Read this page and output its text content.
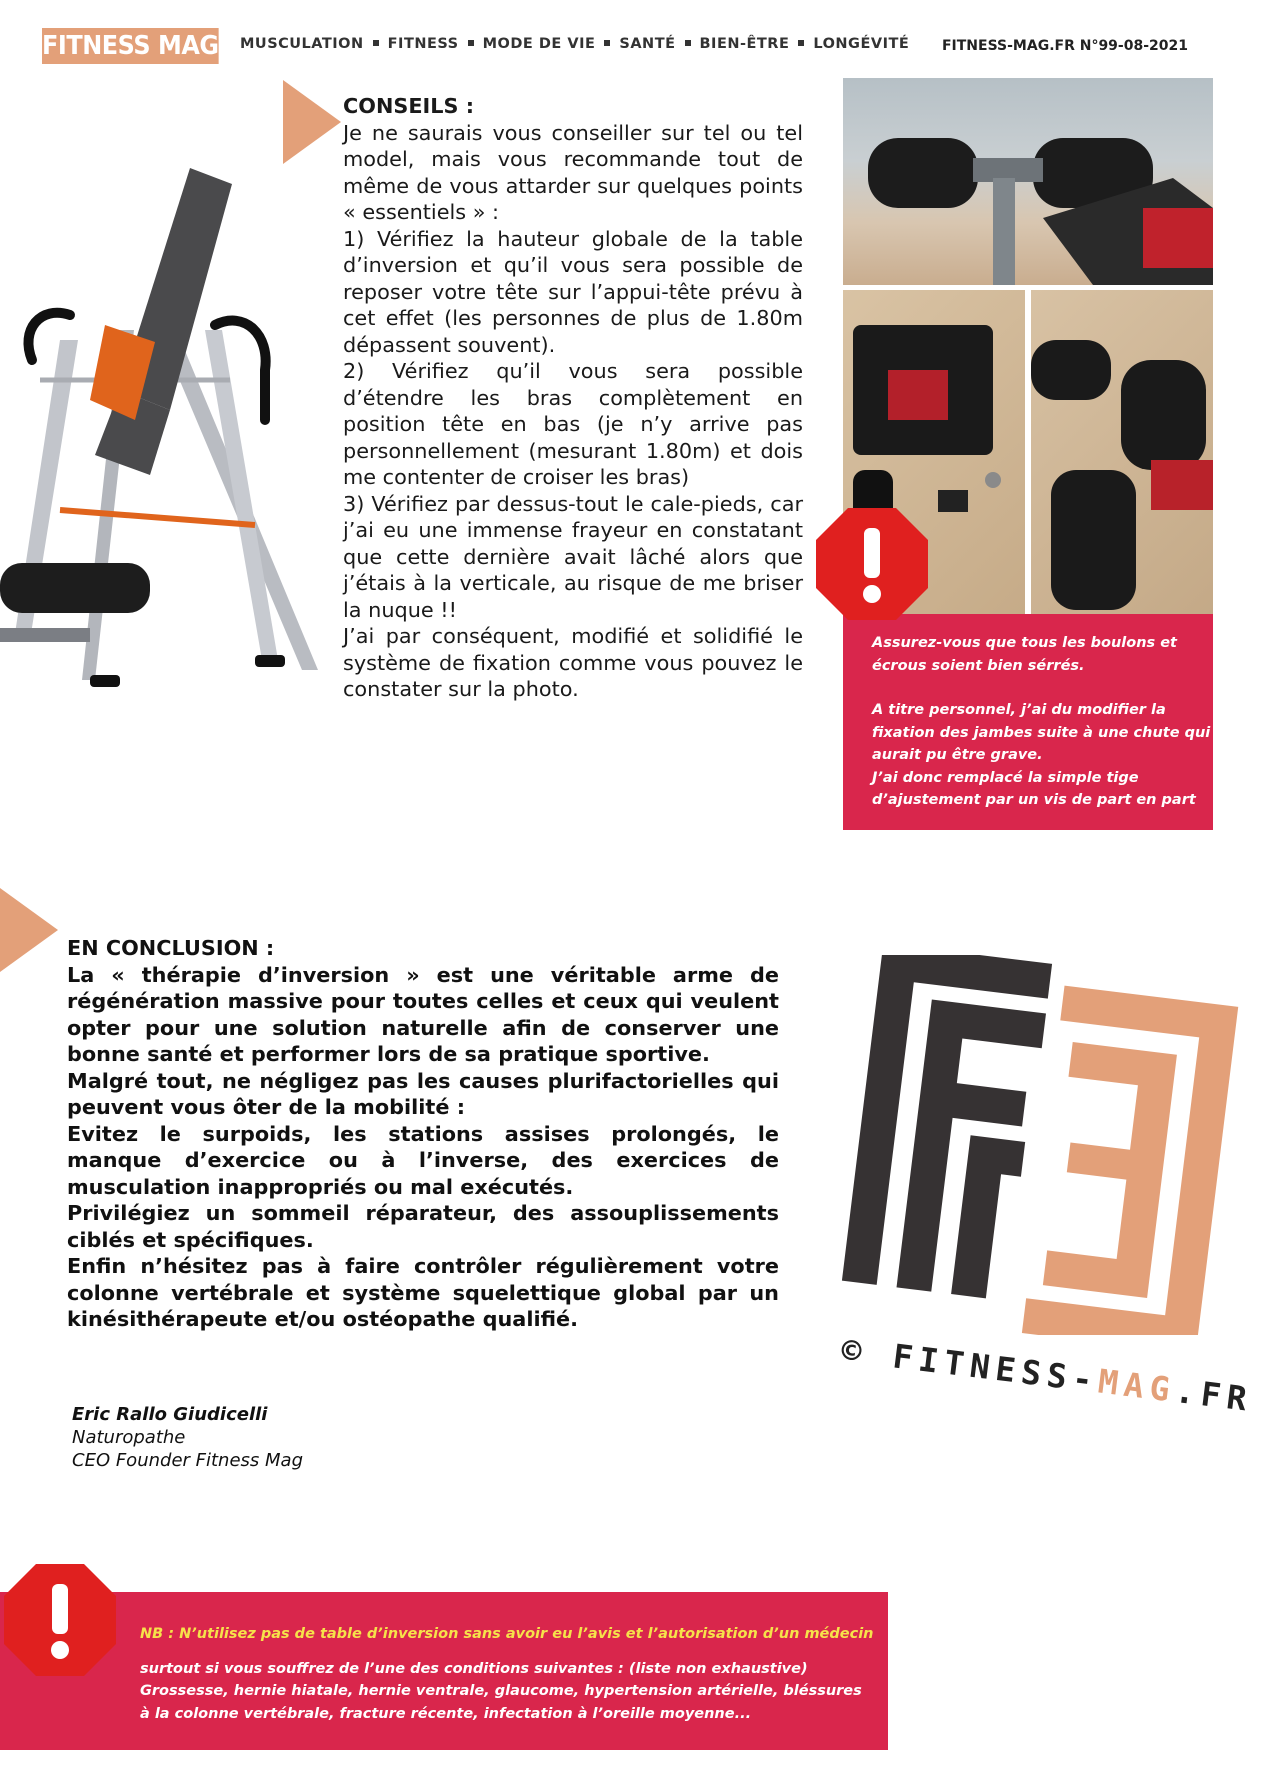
FITNESS MAG MUSCULATION FITNESS MODE DE VIE SANTÉ BIEN-ÊTRE LONGÉVITÉ FITNESS-MAG.FR N°99-08-2021

CONSEILS :

Je ne saurais vous conseiller sur tel ou tel model, mais vous recommande tout de même de vous attarder sur quelques points « essentiels » :

1) Vérifiez la hauteur globale de la table d’inversion et qu’il vous sera possible de reposer votre tête sur l’appui-tête prévu à cet effet (les personnes de plus de 1.80m dépassent souvent).

2) Vérifiez qu’il vous sera possible d’étendre les bras complètement en position tête en bas (je n’y arrive pas personnellement (mesurant 1.80m) et dois me contenter de croiser les bras)

3) Vérifiez par dessus-tout le cale-pieds, car j’ai eu une immense frayeur en constatant que cette dernière avait lâché alors que j’étais à la verticale, au risque de me briser la nuque !!

J’ai par conséquent, modifié et solidifié le système de fixation comme vous pouvez le constater sur la photo.

Assurez-vous que tous les boulons et écrous soient bien sérrés.

A titre personnel, j’ai du modifier la fixation des jambes suite à une chute qui aurait pu être grave.

J’ai donc remplacé la simple tige d’ajustement par un vis de part en part

EN CONCLUSION :

La « thérapie d’inversion » est une véritable arme de régénération massive pour toutes celles et ceux qui veulent opter pour une solution naturelle afin de conserver une bonne santé et performer lors de sa pratique sportive.

Malgré tout, ne négligez pas les causes plurifactorielles qui peuvent vous ôter de la mobilité :

Evitez le surpoids, les stations assises prolongés, le manque d’exercice ou à l’inverse, des exercices de musculation inappropriés ou mal exécutés.

Privilégiez un sommeil réparateur, des assouplissements ciblés et spécifiques.

Enfin n’hésitez pas à faire contrôler régulièrement votre colonne vertébrale et système squelettique global par un kinésithérapeute et/ou ostéopathe qualifié.

Eric Rallo Giudicelli
Naturopathe
CEO Founder Fitness Mag
© FITNESS-MAG.FR

NB : N’utilisez pas de table d’inversion sans avoir eu l’avis et l’autorisation d’un médecin

surtout si vous souffrez de l’une des conditions suivantes : (liste non exhaustive)

Grossesse, hernie hiatale, hernie ventrale, glaucome, hypertension artérielle, bléssures

à la colonne vertébrale, fracture récente, infectation à l’oreille moyenne...
